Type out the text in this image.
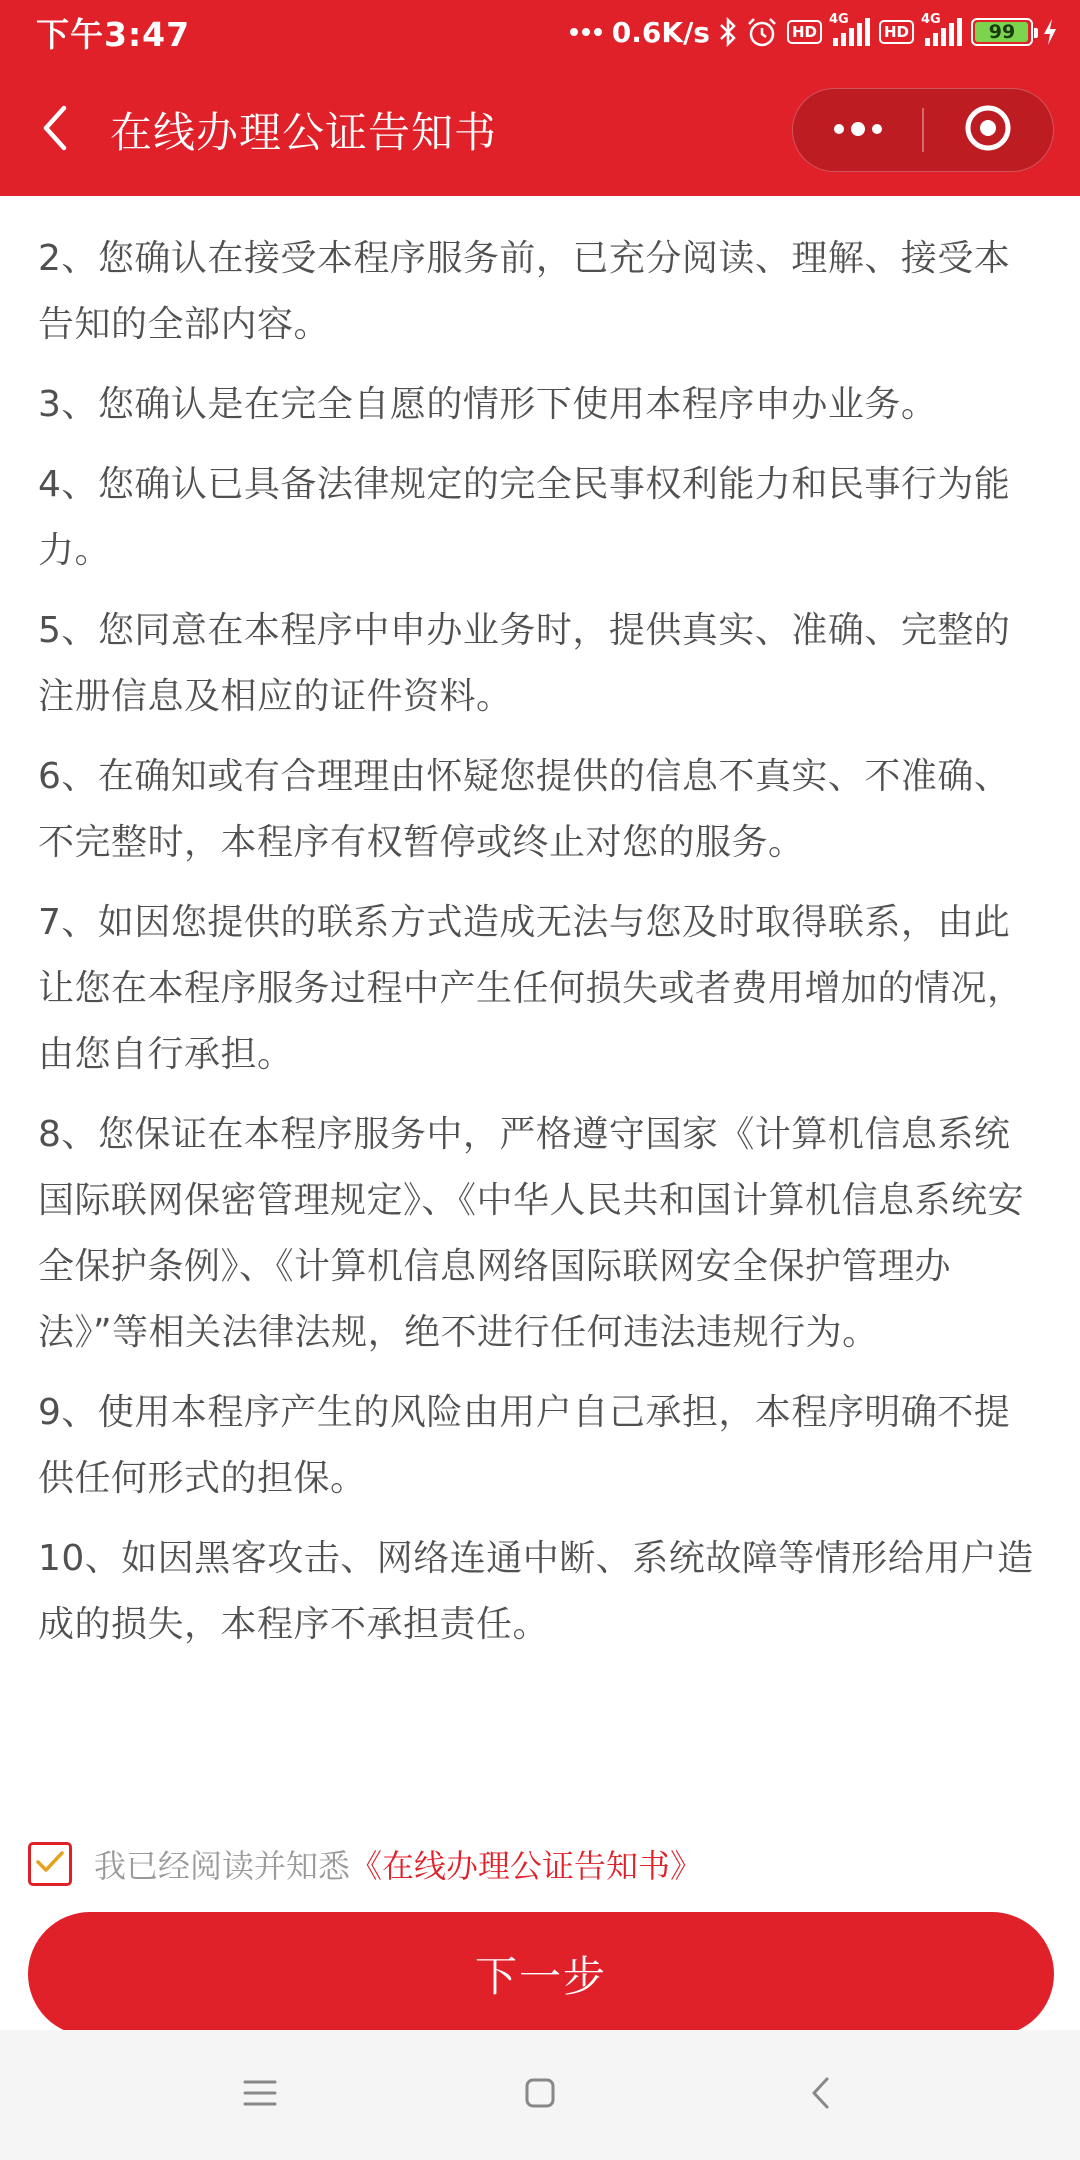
下午3:47	0.6K/s	HD
4G
HD
4G
99
在线办理公证告知书

2、您确认在接受本程序服务前，已充分阅读、理解、接受本告知的全部内容。

3、您确认是在完全自愿的情形下使用本程序申办业务。

4、您确认已具备法律规定的完全民事权利能力和民事行为能力。

5、您同意在本程序中申办业务时，提供真实、准确、完整的注册信息及相应的证件资料。

6、在确知或有合理理由怀疑您提供的信息不真实、不准确、不完整时，本程序有权暂停或终止对您的服务。

7、如因您提供的联系方式造成无法与您及时取得联系，由此让您在本程序服务过程中产生任何损失或者费用增加的情况，由您自行承担。

8、您保证在本程序服务中，严格遵守国家《计算机信息系统国际联网保密管理规定》、《中华人民共和国计算机信息系统安全保护条例》、《计算机信息网络国际联网安全保护管理办法》”等相关法律法规，绝不进行任何违法违规行为。

9、使用本程序产生的风险由用户自己承担，本程序明确不提供任何形式的担保。

10、如因黑客攻击、网络连通中断、系统故障等情形给用户造成的损失，本程序不承担责任。

我已经阅读并知悉 《在线办理公证告知书》
下一步
